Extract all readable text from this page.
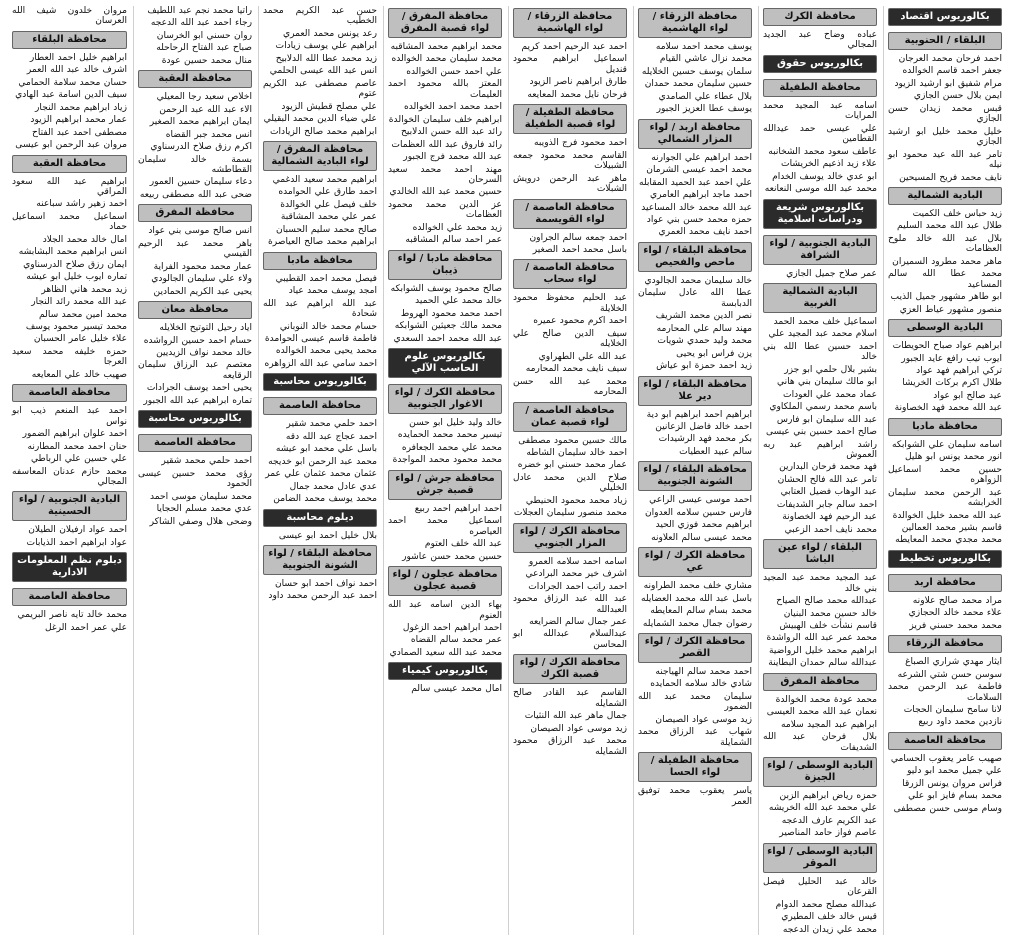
بكالوريوس اقتصاد
البلقاء / الحنوبية
احمد فرحان محمد العرجان
جعفر احمد قاسم الخوالده
مرام شفيق ابو ارشيد الزيود
ايمن بلال حسن الجازي
قبس محمد زيدان حسن الجازي
خليل محمد خليل ابو ارشيد الجازي
تامر عبد الله عيد محمود ابو نيله
نايف محمد فريح المسيحين
البادية الشمالية
زيد حباس خلف الكميت
طلال عبد الله محمد السليم
بلال عبد الله خالد ملوح العظامات
ماهر محمد مطرود السميران
محمد عطا الله سالم المساعيد
ابو طاهر مشهور جميل الذيب
منصور مشهور عياط العزي
البادية الوسطى
ابراهيم عواد صباح الحويطات
ايوب تيب رافع عايد الجبور
تركي ابراهيم فهد عواد
طلال اكرم بركات الخريشا
عيد صالح ابو عواد
عبد الله محمد فهد الخصاونة
محافظة مادبا
اسامه سليمان علي الشوابكه
انور محمد يونس ابو هليل
حسين محمد اسماعيل الزواهره
عبد الرحمن محمد سليمان الخرابشه
عبد الله محمد خليل الخوالدة
قاسم بشير محمد العمالين
محمد مجدي محمد المعايطه
بكالوريوس تخطيط
محافظة اربد
مراد محمد صالح علاونه
علاء محمد خالد الحجازي
محمد محمد حسني فريز
محافظة الزرقاء
ايثار مهدي شراري الصباغ
سوسن حسن شتي الشرعه
فاطمة عبد الرحمن محمد السلامات
لانا سامح سليمان الحجات
نازدين محمد داود ربيع
محافظة العاصمة
صهيب عامر يعقوب الحسامي
علي جميل محمد ابو دليو
فراس مروان يونس الزرقا
محمد بسام فايز ابو علي
وسام موسى حسن مصطفى
محافظة الكرك
عباده وضاح عبد الجديد المجالي
بكالوريوس حقوق
محافظة الطفيلة
اسامه عبد المجيد محمد المرايات
علي عيسى حمد عيدالله القطامين
عاطف سعود محمد الشخانبه
علاء زيد اذعيم الخريشات
ابو عدي خالد يوسف الخدام
محمد عبد الله موسى النعانعه
بكالوريوس شريعة ودراسات اسلامية
البادية الجنوبية / لواء الشرافة
عمر صلاح جميل الجازي
البادية الشمالية الغربية
اسماعيل خلف محمد الحمد
اسلام محمد عبد المجيد علي
احمد حسين عطا الله بني خالد
بشير بلال حلمي ابو جزر
ابو مالك سليمان بني هاني
عماد محمد علي العودات
باسم محمد رسمي الملكاوي
عبد الله سليمان ابو فارس
صالح احمد حسين بني عيسى
راشد ابراهيم عبد ربه العموش
فهد محمد فرحان البدارين
تامر عبد الله فالح الحشان
عبد الوهاب فضيل العتابي
احمد سالم جابر الشديفات
عبد الرحيم فهد الخصاونة
محمد نايف احمد الزعبي
البلقاء / لواء عين الباشا
عبد المجيد محمد عبد المجيد بني خالد
عبدالله محمد صالح الصياح
خالد حسين محمد البنيان
قاسم نشأت خلف الهبيش
محمد عمر عبد الله الرواشدة
ابراهيم محمد خليل الرواضية
عبدالله سالم حمدان البطاينة
محافظة المفرق
محمد عودة محمد الخوالدة
نعمان عبد الله محمد العيسى
ابراهيم عبد المجيد سلامه
بلال فرحان عبد الله الشديفات
البادية الوسطى / لواء الجيزة
حمزه رياض ابراهيم الزبن
علي محمد عبد الله الخريشه
عبد الكريم عارف الدعجه
عاصم فواز حامد المناصير
البادية الوسطى / لواء الموقر
خالد عبد الحليل فيصل القرعان
عبدالله مصلح محمد الدوام
قيس خالد خلف المطيري
محمد علي زيدان الدعجه
محافظة الزرقاء / لواء الهاشمية
يوسف محمد احمد سلامه
محمد نزال عاشي القيام
سلمان يوسف حسين الخلايله
حسين سليمان محمد حمدان
بلال عطاء علي الصامدي
يوسف عطا العزيز الجبور
محافظة اربد / لواء المزار الشمالي
احمد ابراهيم علي الجوارنه
محمد احمد عيسى الشرمان
علي احمد عبد الحميد المقابله
احمد ماجد ابراهيم العامري
عبد الله محمد خالد المساعيد
حمزه محمد حسن بني عواد
احمد نايف محمد العمري
محافظة البلقاء / لواء ماحص والفحيص
خالد سليمان محمد الجالودي
عطا الله عادل سليمان الدبابسة
نصر الدين محمد الشريف
مهند سالم علي المحارمه
محمد وليد حمدي شويات
يزن فراس ابو يحيى
زيد احمد حمزة ابو عياش
محافظة البلقاء / لواء دير علا
ابراهيم احمد ابراهيم ابو دية
احمد خالد فاضل الزعانين
بكر محمد فهد الرشيدات
سالم عبيد العطيات
محافظة البلقاء / لواء الشونة الجنوبية
احمد موسى عيسى الراعي
فارس حسين سلامه العدوان
ابراهيم محمد فوزي الحيد
محمد عيسى سالم العلاونه
محافظة الكرك / لواء عي
مشاري خلف محمد الطراونه
باسل عبد الله محمد العضايله
محمد بسام سالم المعايطه
رضوان جمال محمد الشمايله
محافظة الكرك / لواء القصر
احمد محمد سالم الهياجنه
شادي خالد سلامه الحمايده
سليمان محمد عبد الله الضمور
زيد موسى عواد الصيصان
شهاب عبد الرزاق محمد الشمايلة
محافظة الطفيلة / لواء الحسا
ياسر يعقوب محمد توفيق العمر
محافظة الزرقاء / لواء الهاشمية
احمد عبد الرحيم احمد كريم
اسماعيل ابراهيم محمود قنديل
طارق ابراهيم ناصر الزيود
فرحان نايل محمد المعايعه
محافظة الطفيلة / لواء قصبة الطفيلة
احمد محمود فرج الذويبه
القاسم محمد محمود جمعه الشبيلات
ماهر عبد الرحمن درويش الشبلات
محافظة العاصمة / لواء القويسمة
احمد جمعه سالم الجراون
باسل محمد احمد الصغير
محافظة العاصمة / لواء سحاب
عبد الحليم محفوظ محمود الخلايلة
احمد اكرم محمود عميره
سيف الدين صالح علي الخلايله
عبد الله علي الطهراوي
سيف نايف محمد المحارمه
محمد عبد الله حسن المحارمه
محافظة العاصمة / لواء قصبة عمان
مالك حسين محمود مصطفى
احمد خالد سليمان الشاطه
عمار محمد حسني ابو خضره
صلاح الدين محمد عادل الخليلي
زياد محمد محمود الحنيطي
محمد منصور سليمان العجلات
محافظة الكرك / لواء المزار الجنوبي
اسامه احمد سلامه العمرو
اشرف خير محمد البرادعي
احمد راتب احمد الجرادات
عبد الله عبد الرزاق محمود العبدالله
عمر جمال سالم الضرايعه
عبدالسلام عبدالله ابو المحاسن
محافظة الكرك / لواء قصبة الكرك
القاسم عبد القادر صالح الشمايله
جمال ماهر عبد الله النثيات
زيد موسى عواد الصيصان
محمد عبد الرزاق محمود الشمايله
محافظة المفرق / لواء قصبة المفرق
محمد ابراهيم محمد المشاقبه
محمد سليمان محمد الخوالده
علي احمد حسن الخوالده
المعتز بالله محمود احمد العليمات
احمد محمد احمد الخوالده
ابراهيم خلف سليمان الخوالدة
رائد عبد الله حسن الدلابيح
رائد فاروق عبد الله العظمات
عبد الله محمد فرج الجبور
مهند احمد محمد سعيد السرحان
حسين محمد عبد الله الخالدي
عز الدين محمد محمود العظامات
زيد محمد علي الخوالده
عمر احمد سالم المشاقبه
محافظة مادبا / لواء ذيبان
صالح محمود يوسف الشوابكه
خالد محمد علي الحميد
احمد محمد محمود الهروط
محمد مالك جعيثين الشوابكه
عبد الله محمد احمد السعدي
بكالوريوس علوم الحاسب الآلي
محافظة الكرك / لواء الاغوار الجنوبية
خالد وليد خليل ابو حسن
تيسير محمد محمد الحمايده
محمد علي محمد الجعافره
محمد محمود محمد المواجدة
محافظة جرش / لواء قصبة جرش
احمد ابراهيم احمد ربيع
اسماعيل محمد احمد العياصره
عبد الله خلف العتوم
حسين محمد حسن عاشور
محافظة عجلون / لواء قصبة عجلون
بهاء الدين اسامه عبد الله العنوم
احمد ابراهيم احمد الزغول
عمر محمد سالم القضاه
محمد عبد الله سعيد الصمادي
بكالوريوس كيمياء
امال محمد عيسى سالم
حسن عبد الكريم محمد الخطيب
رعد يونس محمد العمري
ابراهيم علي يوسف زيادات
زيد محمد عطا الله الدلابيح
انس عبد الله عيسى الحلمي
عاصم مصطفى عبد الكريم عتوم
علي مصلح قطيش الزيود
علي ضياء الدين محمد البقيلي
ابراهيم محمد صالح الزيادات
محافظة المفرق / لواء البادية الشمالية
ابراهيم محمد سعيد الدغمي
احمد طارق علي الحوامده
خلف فيصل علي الخوالدة
عمر علي محمد المشاقبة
صالح محمد سليم الحسبان
ابراهيم محمد صالح العياصرة
محافظة مادبا
فيصل محمد احمد القطيبي
امجد يوسف محمد عياد
عبد الله ابراهيم عبد الله شحادة
حسام محمد خالد النوباني
فاطمة قاسم عيسى الحوامدة
محمد يحيى محمد الخوالده
احمد سامي عبد الله الزواهره
بكالوريوس محاسبة
محافظة العاصمة
احمد حلمي محمد شقير
احمد عجاج عبد الله دقه
باسل علي محمد ابو عيشه
محمد عبد الرحمن ابو خديجه
عثمان محمد عثمان علي عمر
عدي عادل محمد جمال
محمد يوسف محمد الضامن
ديلوم محاسبة
بلال خليل احمد ابو عيسى
محافظة البلقاء / لواء الشونة الجنوبية
احمد نواف احمد ابو حسان
احمد عبد الرحمن محمد داود
راتيا محمد نجم عبد اللطيف
رجاء احمد عبد الله الدعجه
روان حسني ابو الخرسان
صباح عبد الفتاح الرحاحله
منال محمد حسين عودة
محافظة العقبة
اخلاص سعيد رجا المعيلي
الاء عبد الله عبد الرحمن
ايمان ابراهيم محمد الصغير
انس محمد جبر القضاه
اكرم رزق صلاح الدرسناوي
بسمة خالد سليمان القطاطشه
دعاء سليمان حسين العمور
ضحى عبد الله مصطفى ربيعه
محافظة المفرق
انس صالح موسى بني عواد
باهر محمد عبد الرحيم القيسي
عمار محمد محمود الفراية
ولاء علي سليمان الجالودي
يحيى عبد الكريم الحمادين
محافظة معان
اياد رحيل التوتيح الخلايله
حسام احمد حسين الرواشده
خالد محمد نواف الزيديين
معتصم عبد الرزاق سليمان الرقايعه
يحيى احمد يوسف الجرادات
تماره ابراهيم عبد الله الجبور
بكالوريوس محاسبة
محافظة العاصمة
احمد حلمي محمد شقير
رؤى محمد حسين عيسى الحمود
محمد سليمان موسى احمد
عدي محمد مسلم الحجايا
وضحى هلال وصفي الشاكر
مروان خلدون شيف الله العرسان
محافظة البلقاء
ابراهيم خليل احمد العطار
اشرف خالد عبد الله العمر
حسان محمد سلامة الحمامي
سيف الدين اسامة عبد الهادي
زياد ابراهيم محمد النجار
عمار محمد ابراهيم الزيود
مصطفى احمد عبد الفتاح
مروان عبد الرحمن ابو عيسى
محافظة العقبة
ابراهيم عبد الله سعود المراقي
احمد زهير راشد سباعنه
اسماعيل محمد اسماعيل حماد
امال خالد محمد الجلاد
انس ابراهيم محمد البشابشه
ايمان رزق صلاح الدرسناوي
تماره ايوب خليل ابو عيشه
زيد محمد هاني الظاهر
عبد الله محمد رائد النجار
محمد امين محمد سالم
محمد تيسير محمود يوسف
علاء خليل عامر الحسبان
حمزه خليفه محمد سعيد العرجا
صهيب خالد علي المعايعه
محافظة العاصمة
احمد عبد المنعم ذيب ابو نواس
احمد علوان ابراهيم الضمور
حنان احمد محمد المطارنه
علي حسين علي الرباطي
محمد حازم عدنان المعاسفه المجالي
البادية الجنوبية / لواء الحسينية
احمد عواد ارفيلان الطيلان
عواد ابراهيم احمد الذيابات
دبلوم نظم المعلومات الادارية
محافظة العاصمة
محمد خالد تايه ناصر البريمي
علي عمر احمد الرغل
